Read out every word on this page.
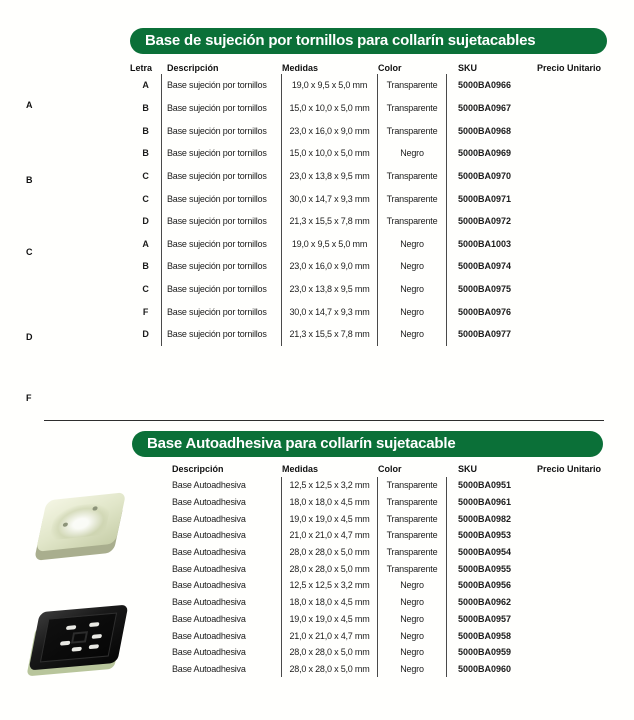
A
B
C
D
F
Base de sujeción por tornillos para collarín sujetacables
Letra	Descripción	Medidas	Color	SKU	Precio Unitario
A	Base sujeción por tornillos	19,0 x 9,5 x 5,0 mm	Transparente	5000BA0966
B	Base sujeción por tornillos	15,0 x 10,0 x 5,0 mm	Transparente	5000BA0967
B	Base sujeción por tornillos	23,0 x 16,0 x 9,0 mm	Transparente	5000BA0968
B	Base sujeción por tornillos	15,0 x 10,0 x 5,0 mm	Negro	5000BA0969
C	Base sujeción por tornillos	23,0 x 13,8 x 9,5 mm	Transparente	5000BA0970
C	Base sujeción por tornillos	30,0 x 14,7 x 9,3 mm	Transparente	5000BA0971
D	Base sujeción por tornillos	21,3 x 15,5 x 7,8 mm	Transparente	5000BA0972
A	Base sujeción por tornillos	19,0 x 9,5 x 5,0 mm	Negro	5000BA1003
B	Base sujeción por tornillos	23,0 x 16,0 x 9,0 mm	Negro	5000BA0974
C	Base sujeción por tornillos	23,0 x 13,8 x 9,5 mm	Negro	5000BA0975
F	Base sujeción por tornillos	30,0 x 14,7 x 9,3 mm	Negro	5000BA0976
D	Base sujeción por tornillos	21,3 x 15,5 x 7,8 mm	Negro	5000BA0977
Base Autoadhesiva para collarín sujetacable
Descripción	Medidas	Color	SKU	Precio Unitario
Base Autoadhesiva	12,5 x 12,5 x 3,2 mm	Transparente	5000BA0951
Base Autoadhesiva	18,0 x 18,0 x 4,5 mm	Transparente	5000BA0961
Base Autoadhesiva	19,0 x 19,0 x 4,5 mm	Transparente	5000BA0982
Base Autoadhesiva	21,0 x 21,0 x 4,7 mm	Transparente	5000BA0953
Base Autoadhesiva	28,0 x 28,0 x 5,0 mm	Transparente	5000BA0954
Base Autoadhesiva	28,0 x 28,0 x 5,0 mm	Transparente	5000BA0955
Base Autoadhesiva	12,5 x 12,5 x 3,2 mm	Negro	5000BA0956
Base Autoadhesiva	18,0 x 18,0 x 4,5 mm	Negro	5000BA0962
Base Autoadhesiva	19,0 x 19,0 x 4,5 mm	Negro	5000BA0957
Base Autoadhesiva	21,0 x 21,0 x 4,7 mm	Negro	5000BA0958
Base Autoadhesiva	28,0 x 28,0 x 5,0 mm	Negro	5000BA0959
Base Autoadhesiva	28,0 x 28,0 x 5,0 mm	Negro	5000BA0960
